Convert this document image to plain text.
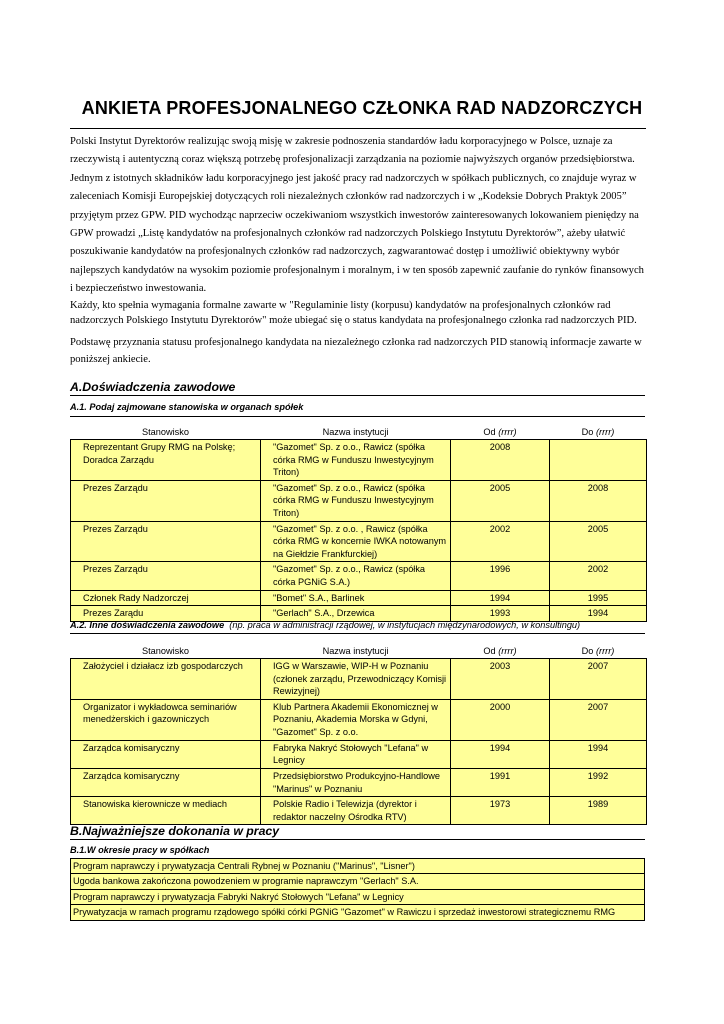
ANKIETA PROFESJONALNEGO CZŁONKA RAD NADZORCZYCH

Polski Instytut Dyrektorów realizując swoją misję w zakresie podnoszenia standardów ładu korporacyjnego w Polsce, uznaje za rzeczywistą i autentyczną coraz większą potrzebę profesjonalizacji zarządzania na poziomie najwyższych organów przedsiębiorstwa. Jednym z istotnych składników ładu korporacyjnego jest jakość pracy rad nadzorczych w spółkach publicznych, co znajduje wyraz w zaleceniach Komisji Europejskiej dotyczących roli niezależnych członków rad nadzorczych i w „Kodeksie Dobrych Praktyk 2005” przyjętym przez GPW. PID wychodząc naprzeciw oczekiwaniom wszystkich inwestorów zainteresowanych lokowaniem pieniędzy na GPW prowadzi „Listę kandydatów na profesjonalnych członków rad nadzorczych Polskiego Instytutu Dyrektorów”, ażeby ułatwić poszukiwanie kandydatów na profesjonalnych członków rad nadzorczych, zagwarantować dostęp i umożliwić obiektywny wybór najlepszych kandydatów na wysokim poziomie profesjonalnym i moralnym, i w ten sposób zapewnić zaufanie do rynków finansowych i bezpieczeństwo inwestowania.

Każdy, kto spełnia wymagania formalne zawarte w "Regulaminie listy (korpusu) kandydatów na profesjonalnych członków rad nadzorczych Polskiego Instytutu Dyrektorów" może ubiegać się o status kandydata na profesjonalnego członka rad nadzorczych PID.

Podstawę przyznania statusu profesjonalnego kandydata na niezależnego członka rad nadzorczych PID stanowią informacje zawarte w poniższej ankiecie.

A.Doświadczenia zawodowe
A.1. Podaj zajmowane stanowiska w organach spółek
Stanowisko	Nazwa instytucji	Od (rrrr)	Do (rrrr)
Reprezentant Grupy RMG na Polskę; Doradca Zarządu	"Gazomet" Sp. z o.o., Rawicz (spółka córka RMG w Funduszu Inwestycyjnym Triton)	2008	
Prezes Zarządu	"Gazomet" Sp. z o.o., Rawicz (spółka córka RMG w Funduszu Inwestycyjnym Triton)	2005	2008
Prezes Zarządu	"Gazomet" Sp. z o.o. , Rawicz (spółka córka RMG w koncernie IWKA notowanym na Giełdzie Frankfurckiej)	2002	2005
Prezes Zarządu	"Gazomet" Sp. z o.o., Rawicz (spółka córka PGNiG S.A.)	1996	2002
Członek Rady Nadzorczej	"Bomet" S.A., Barlinek	1994	1995
Prezes Zarądu	"Gerlach" S.A., Drzewica	1993	1994
A.2. Inne doświadczenia zawodowe (np. praca w administracji rządowej, w instytucjach międzynarodowych, w konsultingu)
Stanowisko	Nazwa instytucji	Od (rrrr)	Do (rrrr)
Założyciel i działacz izb gospodarczych	IGG w Warszawie, WIP-H w Poznaniu (członek zarządu, Przewodniczący Komisji Rewizyjnej)	2003	2007
Organizator i wykładowca seminariów menedżerskich i gazowniczych	Klub Partnera Akademii Ekonomicznej w Poznaniu, Akademia Morska w Gdyni, "Gazomet" Sp. z o.o.	2000	2007
Zarządca komisaryczny	Fabryka Nakryć Stołowych "Lefana" w Legnicy	1994	1994
Zarządca komisaryczny	Przedsiębiorstwo Produkcyjno-Handlowe "Marinus" w Poznaniu	1991	1992
Stanowiska kierownicze w mediach	Polskie Radio i Telewizja (dyrektor i redaktor naczelny Ośrodka RTV)	1973	1989
B.Najważniejsze dokonania w pracy
B.1.W okresie pracy w spółkach
Program naprawczy i prywatyzacja Centrali Rybnej w Poznaniu ("Marinus", "Lisner")
Ugoda bankowa zakończona powodzeniem w programie naprawczym "Gerlach" S.A.
Program naprawczy i prywatyzacja Fabryki Nakryć Stołowych "Lefana" w Legnicy
Prywatyzacja w ramach programu rządowego spółki córki PGNiG "Gazomet" w Rawiczu i sprzedaż inwestorowi strategicznemu RMG
